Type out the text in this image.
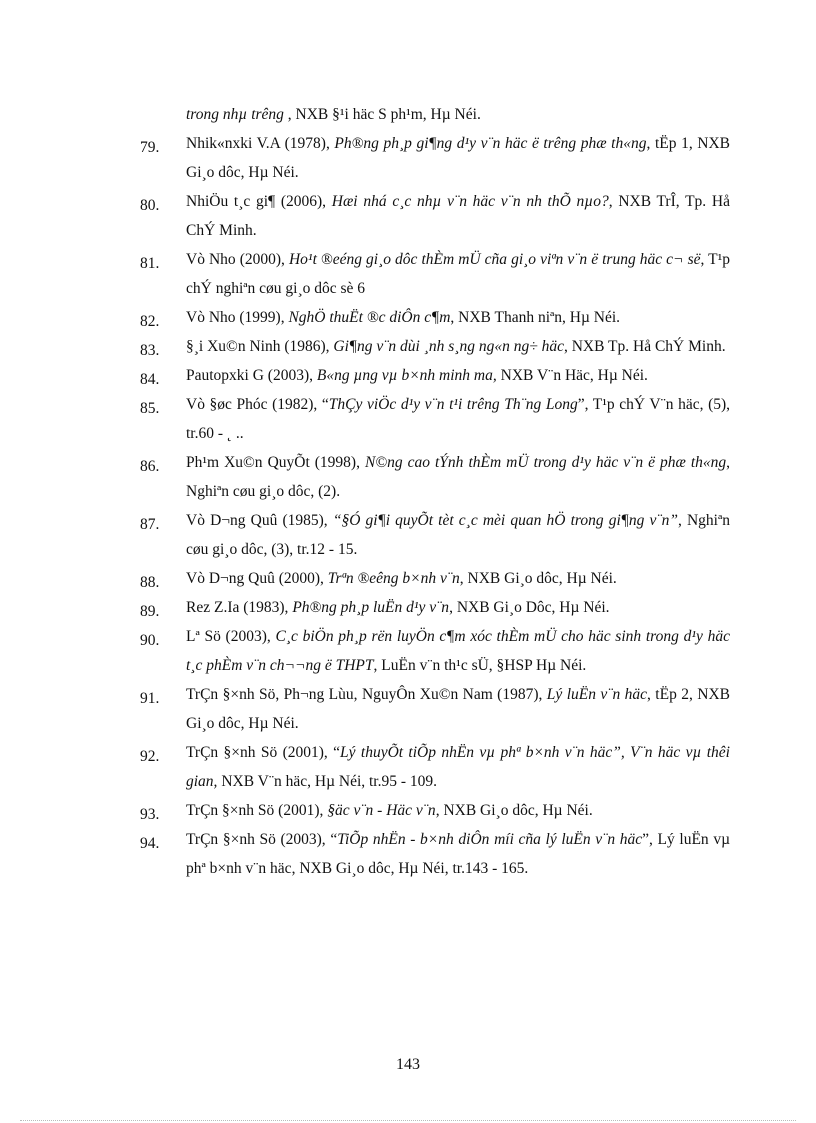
trong nhµ trêng , NXB §¹i häc S ph¹m, Hµ Néi.
79.	Nhik«nxki V.A (1978), Ph®ng ph¸p gi¶ng d¹y v¨n häc ë trêng phæ th«ng, tËp 1, NXB Gi¸o dôc, Hµ Néi.
80.	NhiÖu t¸c gi¶ (2006), Hæi nhá c¸c nhµ v¨n häc v¨n nh thÕ nµo?, NXB TrÎ, Tp. Hå ChÝ Minh.
81.	Vò Nho (2000), Ho¹t ®eéng gi¸o dôc thÈm mÜ cña gi¸o viªn v¨n ë trung häc c¬ së, T¹p chÝ nghiªn cøu gi¸o dôc sè 6
82.	Vò Nho (1999), NghÖ thuËt ®c diÔn c¶m, NXB Thanh niªn, Hµ Néi.
83.	§¸i Xu©n Ninh (1986), Gi¶ng v¨n dùi ¸nh s¸ng ng«n ng÷ häc, NXB Tp. Hå ChÝ Minh.
84.	Pautopxki G (2003), B«ng µng vµ b×nh minh ma, NXB V¨n Häc, Hµ Néi.
85.	Vò §øc Phóc (1982), “ThÇy viÖc d¹y v¨n t¹i trêng Th¨ng Long”, T¹p chÝ V¨n häc, (5), tr.60 - ˛ ..
86.	Ph¹m Xu©n QuyÕt (1998), N©ng cao tÝnh thÈm mÜ trong d¹y häc v¨n ë phæ th«ng, Nghiªn cøu gi¸o dôc, (2).
87.	Vò D¬ng Quû (1985), “§Ó gi¶i quyÕt tèt c¸c mèi quan hÖ trong gi¶ng v¨n”, Nghiªn cøu gi¸o dôc, (3), tr.12 - 15.
88.	Vò D¬ng Quû (2000), Trªn ®eêng b×nh v¨n, NXB Gi¸o dôc, Hµ Néi.
89.	Rez Z.Ia (1983), Ph®ng ph¸p luËn d¹y v¨n, NXB Gi¸o Dôc, Hµ Néi.
90.	Lª Sö (2003), C¸c biÖn ph¸p rën luyÖn c¶m xóc thÈm mÜ cho häc sinh trong d¹y häc t¸c phÈm v¨n ch¬¬ng ë THPT, LuËn v¨n th¹c sÜ, §HSP Hµ Néi.
91.	TrÇn §×nh Sö, Ph¬ng Lùu, NguyÔn Xu©n Nam (1987), Lý luËn v¨n häc, tËp 2, NXB Gi¸o dôc, Hµ Néi.
92.	TrÇn §×nh Sö (2001), “Lý thuyÕt tiÕp nhËn vµ phª b×nh v¨n häc”, V¨n häc vµ thêi gian, NXB V¨n häc, Hµ Néi, tr.95 - 109.
93.	TrÇn §×nh Sö (2001), §äc v¨n - Häc v¨n, NXB Gi¸o dôc, Hµ Néi.
94.	TrÇn §×nh Sö (2003), “TiÕp nhËn - b×nh diÔn míi cña lý luËn v¨n häc”, Lý luËn vµ phª b×nh v¨n häc, NXB Gi¸o dôc, Hµ Néi, tr.143 - 165.
143
